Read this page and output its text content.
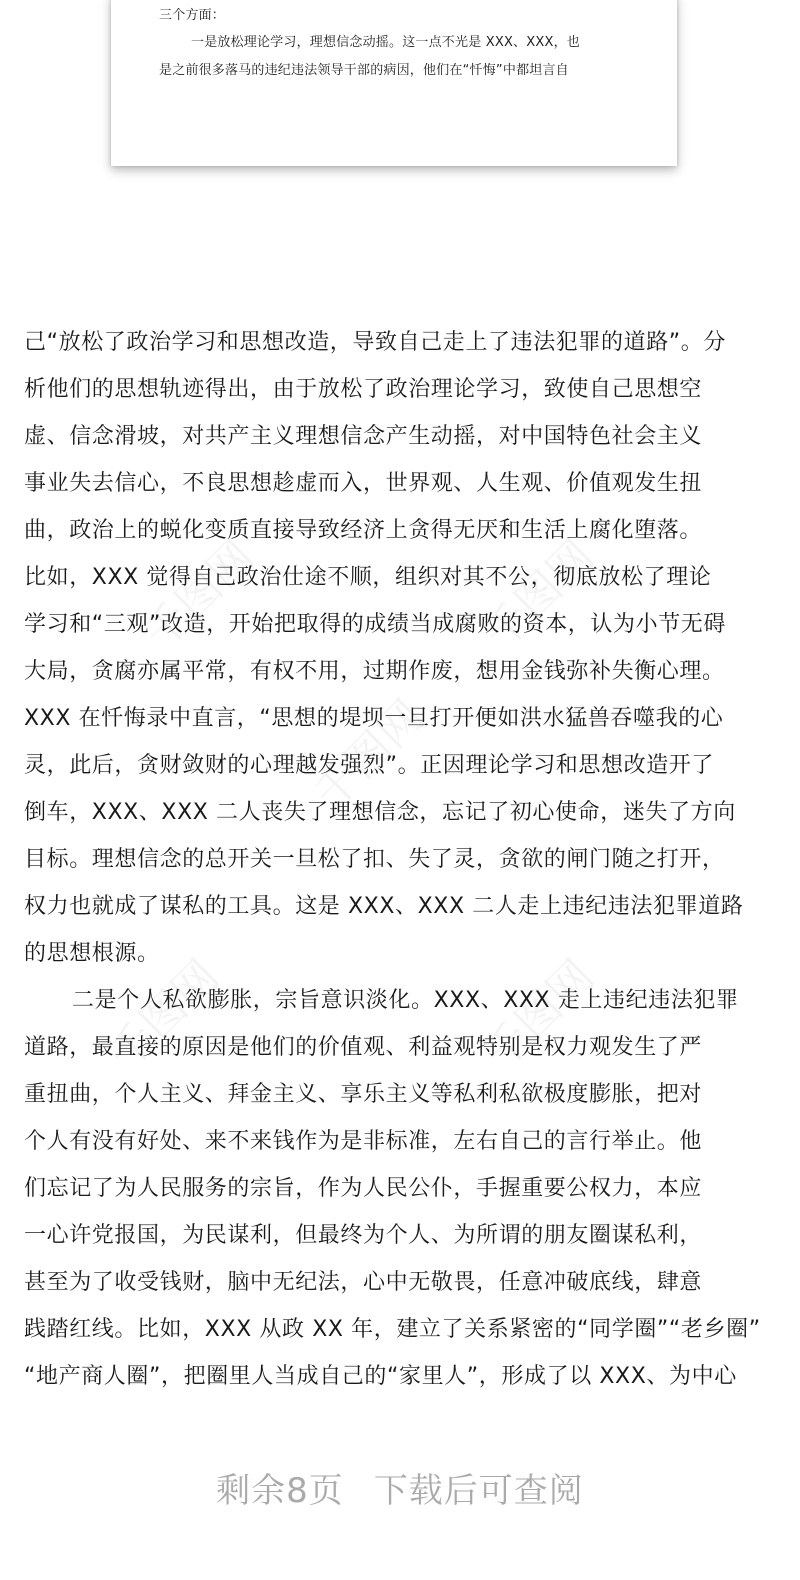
三个方面：
一是放松理论学习，理想信念动摇。这一点不光是 XXX、XXX，也
是之前很多落马的违纪违法领导干部的病因，他们在“忏悔”中都坦言自
千图网	千图网
千图网
千图网	千图网
己“放松了政治学习和思想改造，导致自己走上了违法犯罪的道路”。分
析他们的思想轨迹得出，由于放松了政治理论学习，致使自己思想空
虚、信念滑坡，对共产主义理想信念产生动摇，对中国特色社会主义
事业失去信心，不良思想趁虚而入，世界观、人生观、价值观发生扭
曲，政治上的蜕化变质直接导致经济上贪得无厌和生活上腐化堕落。
比如，XXX 觉得自己政治仕途不顺，组织对其不公，彻底放松了理论
学习和“三观”改造，开始把取得的成绩当成腐败的资本，认为小节无碍
大局，贪腐亦属平常，有权不用，过期作废，想用金钱弥补失衡心理。
XXX 在忏悔录中直言，“思想的堤坝一旦打开便如洪水猛兽吞噬我的心
灵，此后，贪财敛财的心理越发强烈”。正因理论学习和思想改造开了
倒车，XXX、XXX 二人丧失了理想信念，忘记了初心使命，迷失了方向
目标。理想信念的总开关一旦松了扣、失了灵，贪欲的闸门随之打开，
权力也就成了谋私的工具。这是 XXX、XXX 二人走上违纪违法犯罪道路
的思想根源。
二是个人私欲膨胀，宗旨意识淡化。XXX、XXX 走上违纪违法犯罪
道路，最直接的原因是他们的价值观、利益观特别是权力观发生了严
重扭曲，个人主义、拜金主义、享乐主义等私利私欲极度膨胀，把对
个人有没有好处、来不来钱作为是非标准，左右自己的言行举止。他
们忘记了为人民服务的宗旨，作为人民公仆，手握重要公权力，本应
一心许党报国，为民谋利，但最终为个人、为所谓的朋友圈谋私利，
甚至为了收受钱财，脑中无纪法，心中无敬畏，任意冲破底线，肆意
践踏红线。比如，XXX 从政 XX 年，建立了关系紧密的“同学圈”“老乡圈”
“地产商人圈”，把圈里人当成自己的“家里人”，形成了以 XXX、为中心
剩余8页 下载后可查阅
